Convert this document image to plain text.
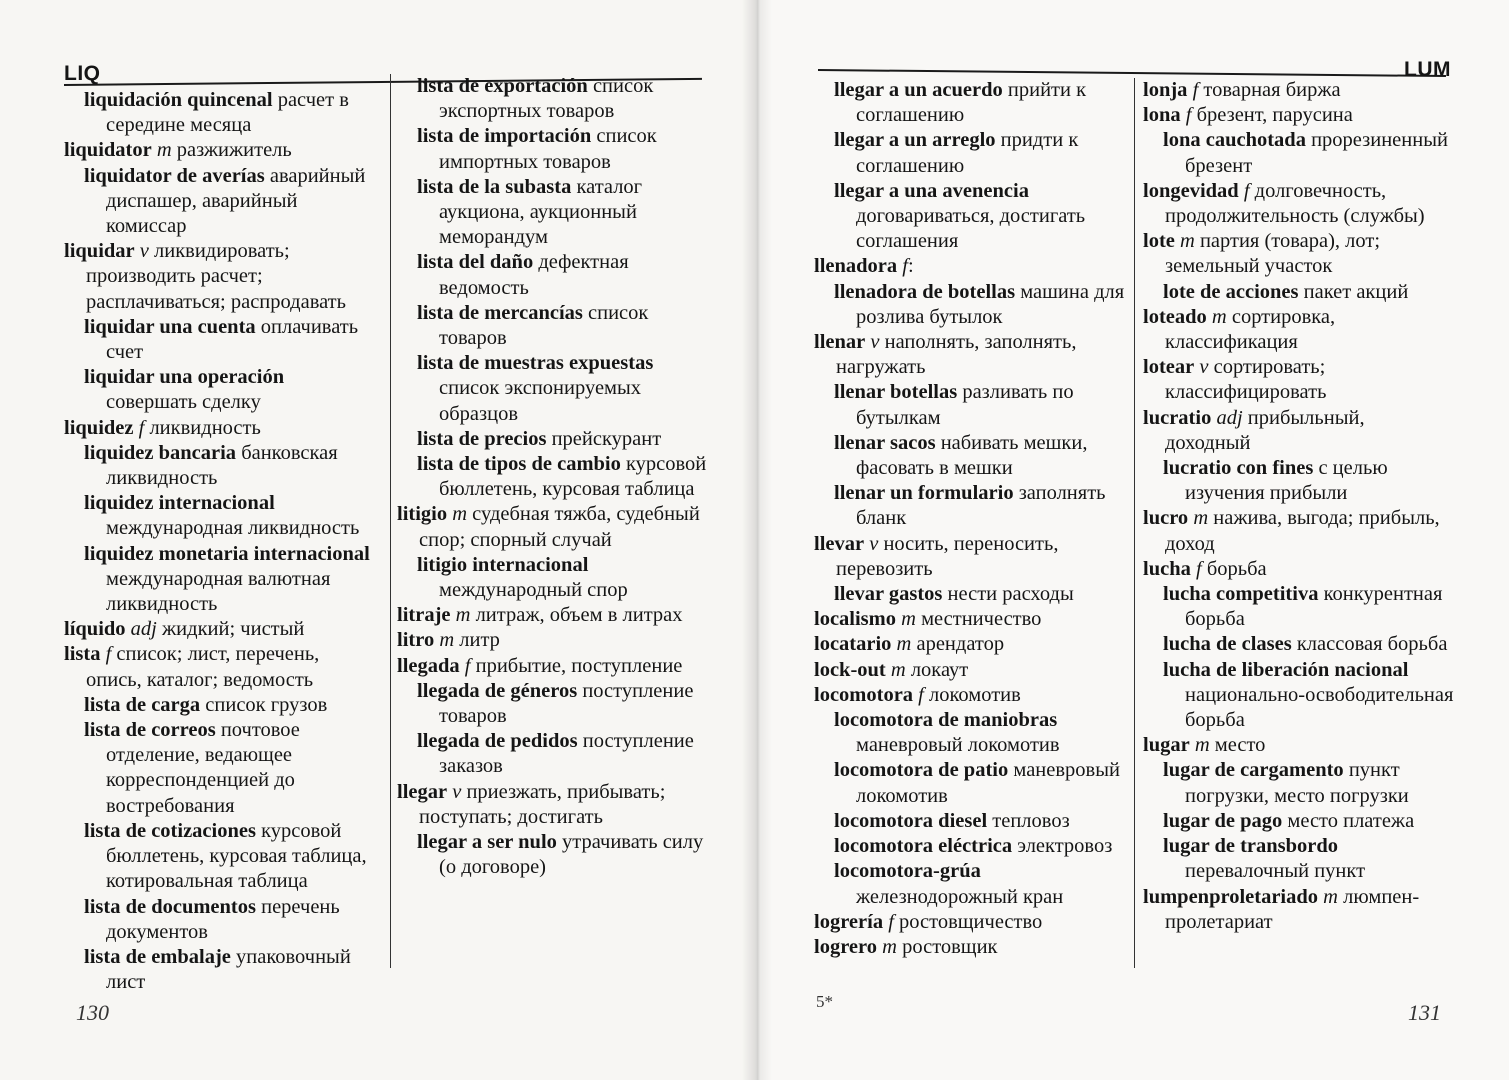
LIQ

liquidación quincenal расчет в середине месяца

liquidator m разжижитель

liquidator de averías аварийный диспашер, аварийный комиссар

liquidar v ликвидировать; производить расчет; расплачиваться; распродавать

liquidar una cuenta оплачивать счет

liquidar una operación совершать сделку

liquidez f ликвидность

liquidez bancaria банковская ликвидность

liquidez internacional международная ликвидность

liquidez monetaria internacional международная валютная ликвидность

líquido adj жидкий; чистый

lista f список; лист, перечень, опись, каталог; ведомость

lista de carga список грузов

lista de correos почтовое отделение, ведающее корреспонденцией до востребования

lista de cotizaciones курсовой бюллетень, курсовая таблица, котировальная таблица

lista de documentos перечень документов

lista de embalaje упаковочный лист

lista de exportación список экспортных товаров

lista de importación список импортных товаров

lista de la subasta каталог аукциона, аукционный меморандум

lista del daño дефектная ведомость

lista de mercancías список товаров

lista de muestras expuestas список экспонируемых образцов

lista de precios прейскурант

lista de tipos de cambio курсовой бюллетень, курсовая таблица

litigio m судебная тяжба, судебный спор; спорный случай

litigio internacional международный спор

litraje m литраж, объем в литрах

litro m литр

llegada f прибытие, поступление

llegada de géneros поступление товаров

llegada de pedidos поступление заказов

llegar v приезжать, прибывать; поступать; достигать

llegar a ser nulo утрачивать силу (о договоре)

130
LUM

llegar a un acuerdo прийти к соглашению

llegar a un arreglo придти к соглашению

llegar a una avenencia договариваться, достигать соглашения

llenadora f:

llenadora de botellas машина для розлива бутылок

llenar v наполнять, заполнять, нагружать

llenar botellas разливать по бутылкам

llenar sacos набивать мешки, фасовать в мешки

llenar un formulario заполнять бланк

llevar v носить, переносить, перевозить

llevar gastos нести расходы

localismo m местничество

locatario m арендатор

lock-out m локаут

locomotora f локомотив

locomotora de maniobras маневровый локомотив

locomotora de patio маневровый локомотив

locomotora diesel тепловоз

locomotora eléctrica электровоз

locomotora-grúa железнодорожный кран

logrería f ростовщичество

logrero m ростовщик

lonja f товарная биржа

lona f брезент, парусина

lona cauchotada прорезиненный брезент

longevidad f долговечность, продолжительность (службы)

lote m партия (товара), лот; земельный участок

lote de acciones пакет акций

loteado m сортировка, классификация

lotear v сортировать; классифицировать

lucratio adj прибыльный, доходный

lucratio con fines с целью изучения прибыли

lucro m нажива, выгода; прибыль, доход

lucha f борьба

lucha competitiva конкурентная борьба

lucha de clases классовая борьба

lucha de liberación nacional национально-освободительная борьба

lugar m место

lugar de cargamento пункт погрузки, место погрузки

lugar de pago место платежа

lugar de transbordo перевалочный пункт

lumpenproletariado m люмпен-пролетариат

5*	131
